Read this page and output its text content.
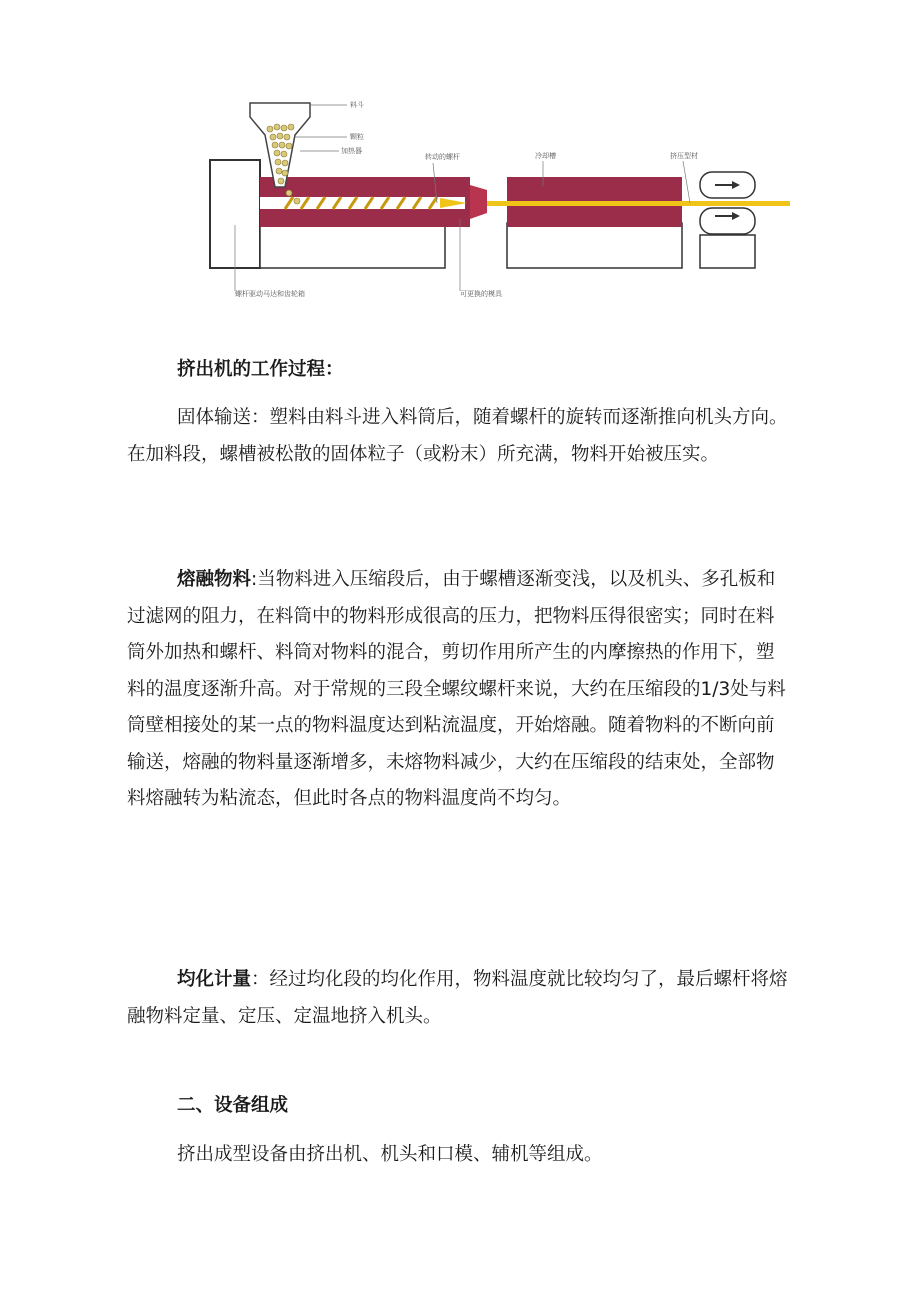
料斗
颗粒
加热器
转动的螺杆	冷却槽	挤压型材
螺杆驱动马达和齿轮箱	可更换的模具

挤出机的工作过程：

固体输送：塑料由料斗进入料筒后，随着螺杆的旋转而逐渐推向机头方向。在加料段，螺槽被松散的固体粒子（或粉末）所充满，物料开始被压实。

熔融物料:当物料进入压缩段后，由于螺槽逐渐变浅，以及机头、多孔板和过滤网的阻力，在料筒中的物料形成很高的压力，把物料压得很密实；同时在料筒外加热和螺杆、料筒对物料的混合，剪切作用所产生的内摩擦热的作用下，塑料的温度逐渐升高。对于常规的三段全螺纹螺杆来说，大约在压缩段的1/3处与料筒壁相接处的某一点的物料温度达到粘流温度，开始熔融。随着物料的不断向前输送，熔融的物料量逐渐增多，未熔物料减少，大约在压缩段的结束处，全部物料熔融转为粘流态，但此时各点的物料温度尚不均匀。

均化计量：经过均化段的均化作用，物料温度就比较均匀了，最后螺杆将熔融物料定量、定压、定温地挤入机头。

二、设备组成

挤出成型设备由挤出机、机头和口模、辅机等组成。
